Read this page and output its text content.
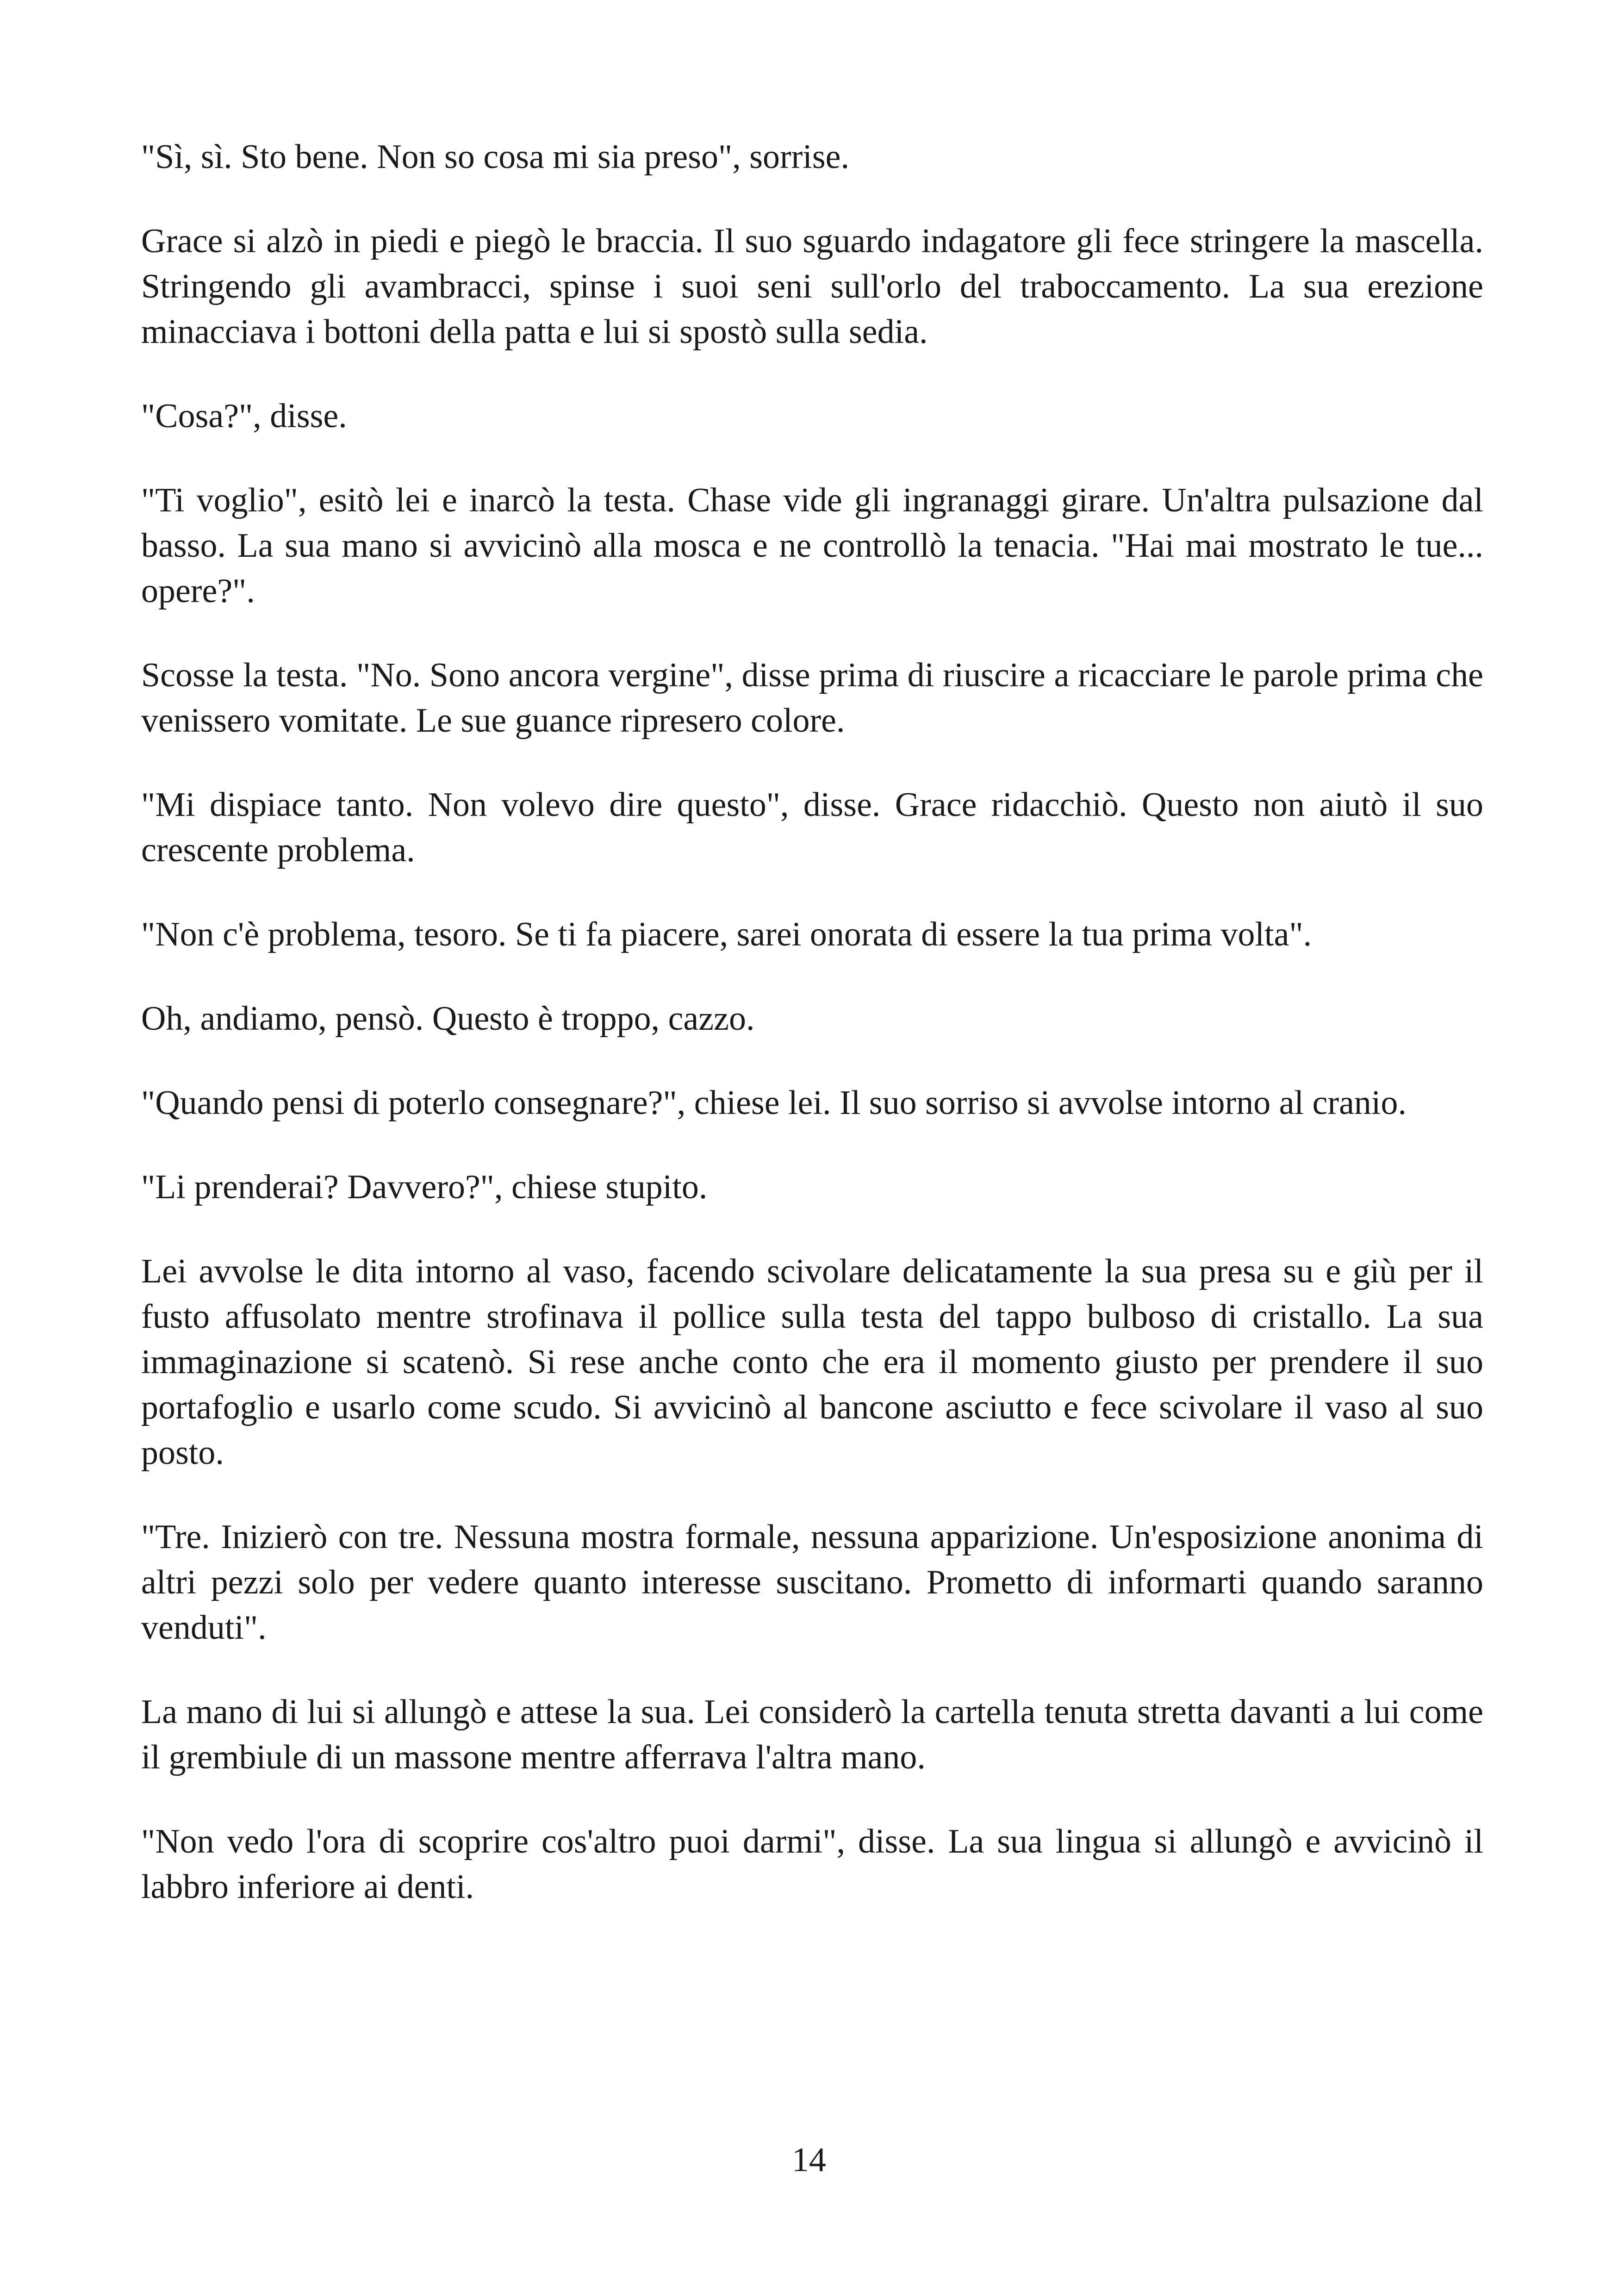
"Sì, sì. Sto bene. Non so cosa mi sia preso", sorrise.

Grace si alzò in piedi e piegò le braccia. Il suo sguardo indagatore gli fece stringere la mascella. Stringendo gli avambracci, spinse i suoi seni sull'orlo del traboccamento. La sua erezione minacciava i bottoni della patta e lui si spostò sulla sedia.

"Cosa?", disse.

"Ti voglio", esitò lei e inarcò la testa. Chase vide gli ingranaggi girare. Un'altra pulsazione dal basso. La sua mano si avvicinò alla mosca e ne controllò la tenacia. "Hai mai mostrato le tue... opere?".

Scosse la testa. "No. Sono ancora vergine", disse prima di riuscire a ricacciare le parole prima che venissero vomitate. Le sue guance ripresero colore.

"Mi dispiace tanto. Non volevo dire questo", disse. Grace ridacchiò. Questo non aiutò il suo crescente problema.

"Non c'è problema, tesoro. Se ti fa piacere, sarei onorata di essere la tua prima volta".

Oh, andiamo, pensò. Questo è troppo, cazzo.

"Quando pensi di poterlo consegnare?", chiese lei. Il suo sorriso si avvolse intorno al cranio.

"Li prenderai? Davvero?", chiese stupito.

Lei avvolse le dita intorno al vaso, facendo scivolare delicatamente la sua presa su e giù per il fusto affusolato mentre strofinava il pollice sulla testa del tappo bulboso di cristallo. La sua immaginazione si scatenò. Si rese anche conto che era il momento giusto per prendere il suo portafoglio e usarlo come scudo. Si avvicinò al bancone asciutto e fece scivolare il vaso al suo posto.

"Tre. Inizierò con tre. Nessuna mostra formale, nessuna apparizione. Un'esposizione anonima di altri pezzi solo per vedere quanto interesse suscitano. Prometto di informarti quando saranno venduti".

La mano di lui si allungò e attese la sua. Lei considerò la cartella tenuta stretta davanti a lui come il grembiule di un massone mentre afferrava l'altra mano.

"Non vedo l'ora di scoprire cos'altro puoi darmi", disse. La sua lingua si allungò e avvicinò il labbro inferiore ai denti.

14
